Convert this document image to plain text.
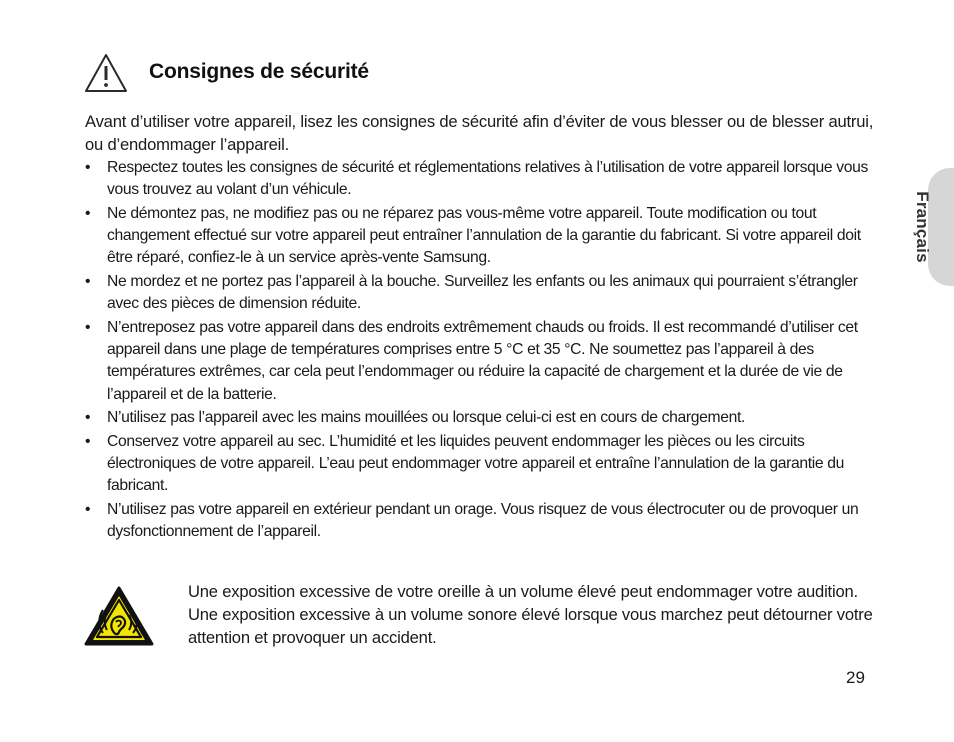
Consignes de sécurité
Avant d’utiliser votre appareil, lisez les consignes de sécurité afin d’éviter de vous blesser ou de blesser autrui, ou d’endommager l’appareil.
• Respectez toutes les consignes de sécurité et réglementations relatives à l’utilisation de votre appareil lorsque vous vous trouvez au volant d’un véhicule.
• Ne démontez pas, ne modifiez pas ou ne réparez pas vous-même votre appareil. Toute modification ou tout changement effectué sur votre appareil peut entraîner l’annulation de la garantie du fabricant. Si votre appareil doit être réparé, confiez-le à un service après-vente Samsung.
• Ne mordez et ne portez pas l’appareil à la bouche. Surveillez les enfants ou les animaux qui pourraient s’étrangler avec des pièces de dimension réduite.
• N’entreposez pas votre appareil dans des endroits extrêmement chauds ou froids. Il est recommandé d’utiliser cet appareil dans une plage de températures comprises entre 5 °C et 35 °C. Ne soumettez pas l’appareil à des températures extrêmes, car cela peut l’endommager ou réduire la capacité de chargement et la durée de vie de l’appareil et de la batterie.
• N’utilisez pas l’appareil avec les mains mouillées ou lorsque celui-ci est en cours de chargement.
• Conservez votre appareil au sec. L’humidité et les liquides peuvent endommager les pièces ou les circuits électroniques de votre appareil. L’eau peut endommager votre appareil et entraîne l’annulation de la garantie du fabricant.
• N’utilisez pas votre appareil en extérieur pendant un orage. Vous risquez de vous électrocuter ou de provoquer un dysfonctionnement de l’appareil.
Une exposition excessive de votre oreille à un volume élevé peut endommager votre audition. Une exposition excessive à un volume sonore élevé lorsque vous marchez peut détourner votre attention et provoquer un accident.
29
Français
